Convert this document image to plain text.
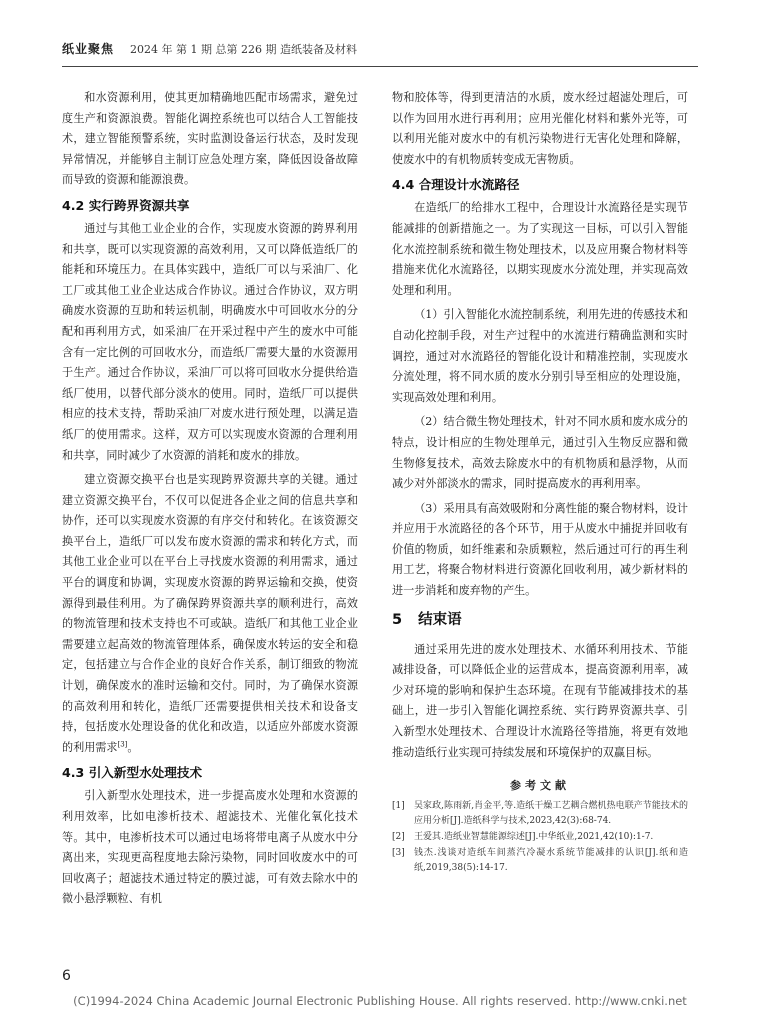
纸业聚焦 2024 年 第 1 期 总第 226 期 造纸装备及材料

和水资源利用，使其更加精确地匹配市场需求，避免过度生产和资源浪费。智能化调控系统也可以结合人工智能技术，建立智能预警系统，实时监测设备运行状态，及时发现异常情况，并能够自主制订应急处理方案，降低因设备故障而导致的资源和能源浪费。

4.2 实行跨界资源共享

通过与其他工业企业的合作，实现废水资源的跨界利用和共享，既可以实现资源的高效利用，又可以降低造纸厂的能耗和环境压力。在具体实践中，造纸厂可以与采油厂、化工厂或其他工业企业达成合作协议。通过合作协议，双方明确废水资源的互助和转运机制，明确废水中可回收水分的分配和再利用方式，如采油厂在开采过程中产生的废水中可能含有一定比例的可回收水分，而造纸厂需要大量的水资源用于生产。通过合作协议，采油厂可以将可回收水分提供给造纸厂使用，以替代部分淡水的使用。同时，造纸厂可以提供相应的技术支持，帮助采油厂对废水进行预处理，以满足造纸厂的使用需求。这样，双方可以实现废水资源的合理利用和共享，同时减少了水资源的消耗和废水的排放。

建立资源交换平台也是实现跨界资源共享的关键。通过建立资源交换平台，不仅可以促进各企业之间的信息共享和协作，还可以实现废水资源的有序交付和转化。在该资源交换平台上，造纸厂可以发布废水资源的需求和转化方式，而其他工业企业可以在平台上寻找废水资源的利用需求，通过平台的调度和协调，实现废水资源的跨界运输和交换，使资源得到最佳利用。为了确保跨界资源共享的顺利进行，高效的物流管理和技术支持也不可或缺。造纸厂和其他工业企业需要建立起高效的物流管理体系，确保废水转运的安全和稳定，包括建立与合作企业的良好合作关系，制订细致的物流计划，确保废水的准时运输和交付。同时，为了确保水资源的高效利用和转化，造纸厂还需要提供相关技术和设备支持，包括废水处理设备的优化和改造，以适应外部废水资源的利用需求[3]。

4.3 引入新型水处理技术

引入新型水处理技术，进一步提高废水处理和水资源的利用效率，比如电渗析技术、超滤技术、光催化氧化技术等。其中，电渗析技术可以通过电场将带电离子从废水中分离出来，实现更高程度地去除污染物，同时回收废水中的可回收离子；超滤技术通过特定的膜过滤，可有效去除水中的微小悬浮颗粒、有机

物和胶体等，得到更清洁的水质，废水经过超滤处理后，可以作为回用水进行再利用；应用光催化材料和紫外光等，可以利用光能对废水中的有机污染物进行无害化处理和降解，使废水中的有机物质转变成无害物质。

4.4 合理设计水流路径

在造纸厂的给排水工程中，合理设计水流路径是实现节能减排的创新措施之一。为了实现这一目标，可以引入智能化水流控制系统和微生物处理技术，以及应用聚合物材料等措施来优化水流路径，以期实现废水分流处理，并实现高效处理和利用。

（1）引入智能化水流控制系统，利用先进的传感技术和自动化控制手段，对生产过程中的水流进行精确监测和实时调控，通过对水流路径的智能化设计和精准控制，实现废水分流处理，将不同水质的废水分别引导至相应的处理设施，实现高效处理和利用。

（2）结合微生物处理技术，针对不同水质和废水成分的特点，设计相应的生物处理单元，通过引入生物反应器和微生物修复技术，高效去除废水中的有机物质和悬浮物，从而减少对外部淡水的需求，同时提高废水的再利用率。

（3）采用具有高效吸附和分离性能的聚合物材料，设计并应用于水流路径的各个环节，用于从废水中捕捉并回收有价值的物质，如纤维素和杂质颗粒，然后通过可行的再生利用工艺，将聚合物材料进行资源化回收利用，减少新材料的进一步消耗和废弃物的产生。

5 结束语

通过采用先进的废水处理技术、水循环利用技术、节能减排设备，可以降低企业的运营成本，提高资源利用率，减少对环境的影响和保护生态环境。在现有节能减排技术的基础上，进一步引入智能化调控系统、实行跨界资源共享、引入新型水处理技术、合理设计水流路径等措施，将更有效地推动造纸行业实现可持续发展和环境保护的双赢目标。

参考文献
[1]	吴家政,陈雨新,肖金平,等.造纸干燥工艺耦合燃机热电联产节能技术的应用分析[J].造纸科学与技术,2023,42(3):68-74.
[2]	王爱其.造纸业智慧能源综述[J].中华纸业,2021,42(10):1-7.
[3]	钱杰.浅谈对造纸车间蒸汽冷凝水系统节能减排的认识[J].纸和造纸,2019,38(5):14-17.
6
(C)1994-2024 China Academic Journal Electronic Publishing House. All rights reserved. http://www.cnki.net
